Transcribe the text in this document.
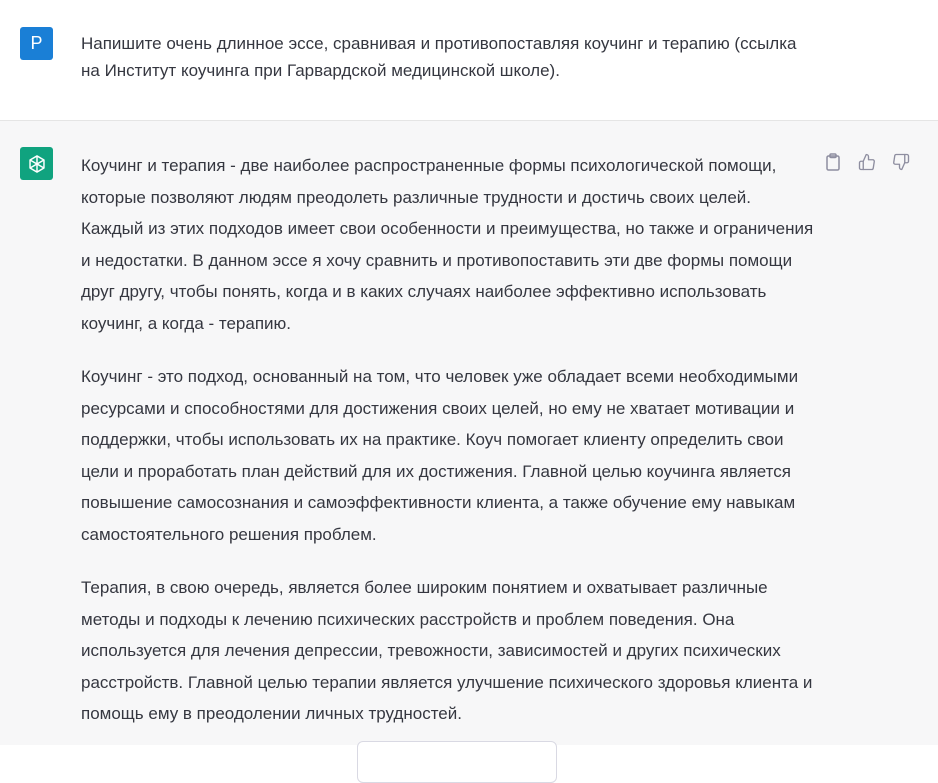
P	Напишите очень длинное эссе, сравнивая и противопоставляя коучинг и терапию (ссылка на Институт коучинга при Гарвардской медицинской школе).

Коучинг и терапия - две наиболее распространенные формы психологической помощи, которые позволяют людям преодолеть различные трудности и достичь своих целей. Каждый из этих подходов имеет свои особенности и преимущества, но также и ограничения и недостатки. В данном эссе я хочу сравнить и противопоставить эти две формы помощи друг другу, чтобы понять, когда и в каких случаях наиболее эффективно использовать коучинг, а когда - терапию.

Коучинг - это подход, основанный на том, что человек уже обладает всеми необходимыми ресурсами и способностями для достижения своих целей, но ему не хватает мотивации и поддержки, чтобы использовать их на практике. Коуч помогает клиенту определить свои цели и проработать план действий для их достижения. Главной целью коучинга является повышение самосознания и самоэффективности клиента, а также обучение ему навыкам самостоятельного решения проблем.

Терапия, в свою очередь, является более широким понятием и охватывает различные методы и подходы к лечению психических расстройств и проблем поведения. Она используется для лечения депрессии, тревожности, зависимостей и других психических расстройств. Главной целью терапии является улучшение психического здоровья клиента и помощь ему в преодолении личных трудностей.
